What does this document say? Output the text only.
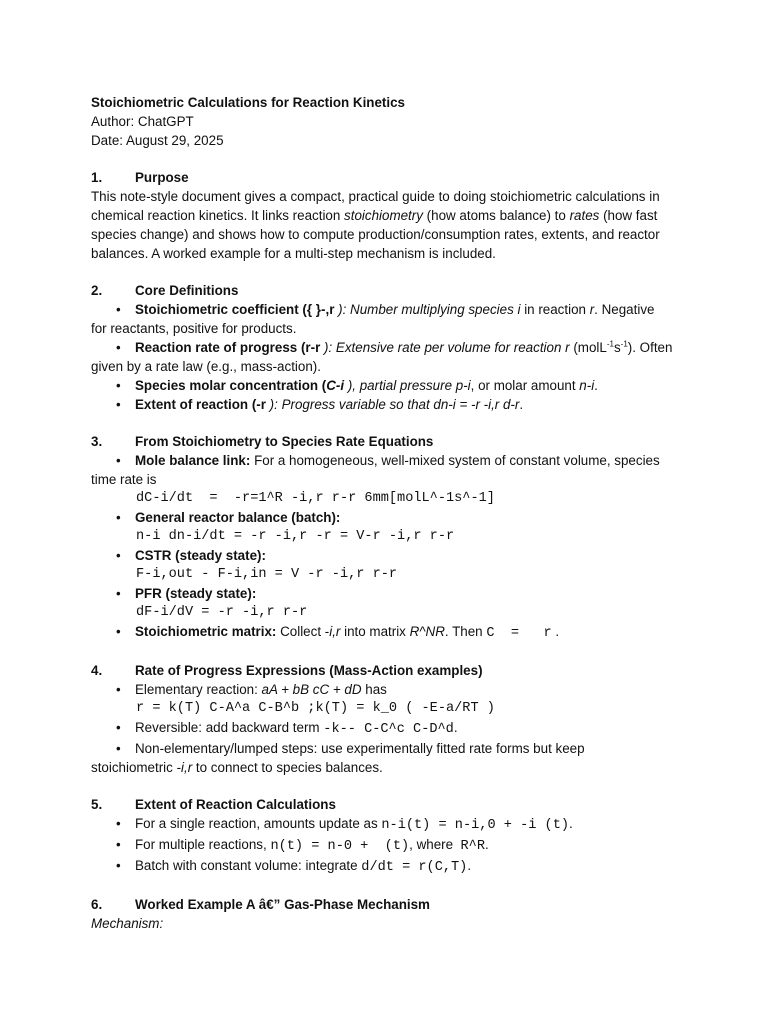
Stoichiometric Calculations for Reaction Kinetics
Author: ChatGPT
Date: August 29, 2025
1.	Purpose

This note-style document gives a compact, practical guide to doing stoichiometric calculations in chemical reaction kinetics. It links reaction stoichiometry (how atoms balance) to rates (how fast species change) and shows how to compute production/consumption rates, extents, and reactor balances. A worked example for a multi-step mechanism is included.

2.	Core Definitions
• Stoichiometric coefficient ({ }-,r ): Number multiplying species i in reaction r. Negative
for reactants, positive for products.
• Reaction rate of progress (r-r ): Extensive rate per volume for reaction r $(molL^{-1}s^{-1})$. Often
given by a rate law (e.g., mass-action).
• Species molar concentration (C-i ), partial pressure p-i, or molar amount n-i.
• Extent of reaction (-r ): Progress variable so that dn-i = -r -i,r d-r.
3.	From Stoichiometry to Species Rate Equations
• Mole balance link: For a homogeneous, well-mixed system of constant volume, species
time rate is
dC-i/dt  =  -r=1^R -i,r r-r 6mm[molL^-1s^-1]
• General reactor balance (batch):
n-i dn-i/dt = -r -i,r -r = V-r -i,r r-r
• CSTR (steady state):
F-i,out - F-i,in = V -r -i,r r-r
• PFR (steady state):
dF-i/dV = -r -i,r r-r
• Stoichiometric matrix: Collect -i,r into matrix R^NR. Then C  =   r .
4.	Rate of Progress Expressions (Mass-Action examples)
• Elementary reaction: aA + bB cC + dD has
r = k(T) C-A^a C-B^b ;k(T) = k_0 ( -E-a/RT )
• Reversible: add backward term -k-- C-C^c C-D^d.
• Non-elementary/lumped steps: use experimentally fitted rate forms but keep
stoichiometric -i,r to connect to species balances.
5.	Extent of Reaction Calculations
• For a single reaction, amounts update as n-i(t) = n-i,0 + -i (t).
• For multiple reactions, n(t) = n-0 +  (t), where  R^R.
• Batch with constant volume: integrate d/dt = r(C,T).
6.	Worked Example A â€” Gas-Phase Mechanism
Mechanism:
